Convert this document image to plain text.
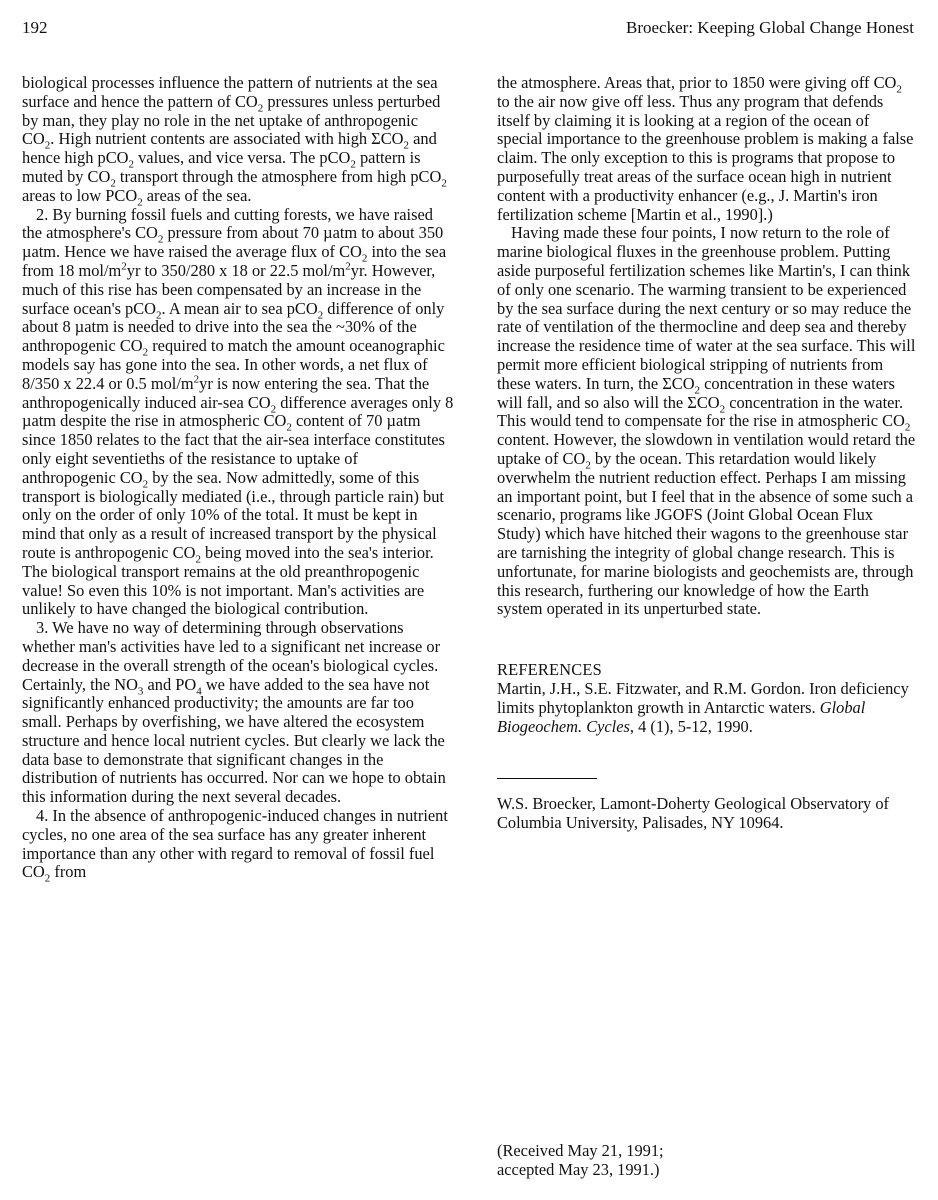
192	Broecker: Keeping Global Change Honest

biological processes influence the pattern of nutrients at the sea surface and hence the pattern of $CO_2$ pressures unless perturbed by man, they play no role in the net uptake of anthropogenic $CO_2$. High nutrient contents are associated with high $\Sigma CO_2$ and hence high pCO$_2$ values, and vice versa. The pCO$_2$ pattern is muted by $CO_2$ transport through the atmosphere from high pCO$_2$ areas to low $PCO_2$ areas of the sea.

2. By burning fossil fuels and cutting forests, we have raised the atmosphere's $CO_2$ pressure from about 70 µatm to about 350 µatm. Hence we have raised the average flux of $CO_2$ into the sea from 18 mol/$m^2yr$ to 350/280 x 18 or 22.5 mol/$m^2yr$. However, much of this rise has been compensated by an increase in the surface ocean's pCO$_2$. A mean air to sea pCO$_2$ difference of only about 8 µatm is needed to drive into the sea the ~30% of the anthropogenic $CO_2$ required to match the amount oceanographic models say has gone into the sea. In other words, a net flux of 8/350 x 22.4 or 0.5 mol/$m^2yr$ is now entering the sea. That the anthropogenically induced air-sea $CO_2$ difference averages only 8 µatm despite the rise in atmospheric $CO_2$ content of 70 µatm since 1850 relates to the fact that the air-sea interface constitutes only eight seventieths of the resistance to uptake of anthropogenic $CO_2$ by the sea. Now admittedly, some of this transport is biologically mediated (i.e., through particle rain) but only on the order of only 10% of the total. It must be kept in mind that only as a result of increased transport by the physical route is anthropogenic $CO_2$ being moved into the sea's interior. The biological transport remains at the old preanthropogenic value! So even this 10% is not important. Man's activities are unlikely to have changed the biological contribution.

3. We have no way of determining through observations whether man's activities have led to a significant net increase or decrease in the overall strength of the ocean's biological cycles. Certainly, the $NO_3$ and $PO_4$ we have added to the sea have not significantly enhanced productivity; the amounts are far too small. Perhaps by overfishing, we have altered the ecosystem structure and hence local nutrient cycles. But clearly we lack the data base to demonstrate that significant changes in the distribution of nutrients has occurred. Nor can we hope to obtain this information during the next several decades.

4. In the absence of anthropogenic-induced changes in nutrient cycles, no one area of the sea surface has any greater inherent importance than any other with regard to removal of fossil fuel $CO_2$ from

the atmosphere. Areas that, prior to 1850 were giving off $CO_2$ to the air now give off less. Thus any program that defends itself by claiming it is looking at a region of the ocean of special importance to the greenhouse problem is making a false claim. The only exception to this is programs that propose to purposefully treat areas of the surface ocean high in nutrient content with a productivity enhancer (e.g., J. Martin's iron fertilization scheme [Martin et al., 1990].)

Having made these four points, I now return to the role of marine biological fluxes in the greenhouse problem. Putting aside purposeful fertilization schemes like Martin's, I can think of only one scenario. The warming transient to be experienced by the sea surface during the next century or so may reduce the rate of ventilation of the thermocline and deep sea and thereby increase the residence time of water at the sea surface. This will permit more efficient biological stripping of nutrients from these waters. In turn, the $\Sigma CO_2$ concentration in these waters will fall, and so also will the $\Sigma CO_2$ concentration in the water. This would tend to compensate for the rise in atmospheric $CO_2$ content. However, the slowdown in ventilation would retard the uptake of $CO_2$ by the ocean. This retardation would likely overwhelm the nutrient reduction effect. Perhaps I am missing an important point, but I feel that in the absence of some such a scenario, programs like JGOFS (Joint Global Ocean Flux Study) which have hitched their wagons to the greenhouse star are tarnishing the integrity of global change research. This is unfortunate, for marine biologists and geochemists are, through this research, furthering our knowledge of how the Earth system operated in its unperturbed state.

REFERENCES

Martin, J.H., S.E. Fitzwater, and R.M. Gordon. Iron deficiency limits phytoplankton growth in Antarctic waters. Global Biogeochem. Cycles, 4 (1), 5-12, 1990.

W.S. Broecker, Lamont-Doherty Geological Observatory of Columbia University, Palisades, NY 10964.

(Received May 21, 1991;
accepted May 23, 1991.)
